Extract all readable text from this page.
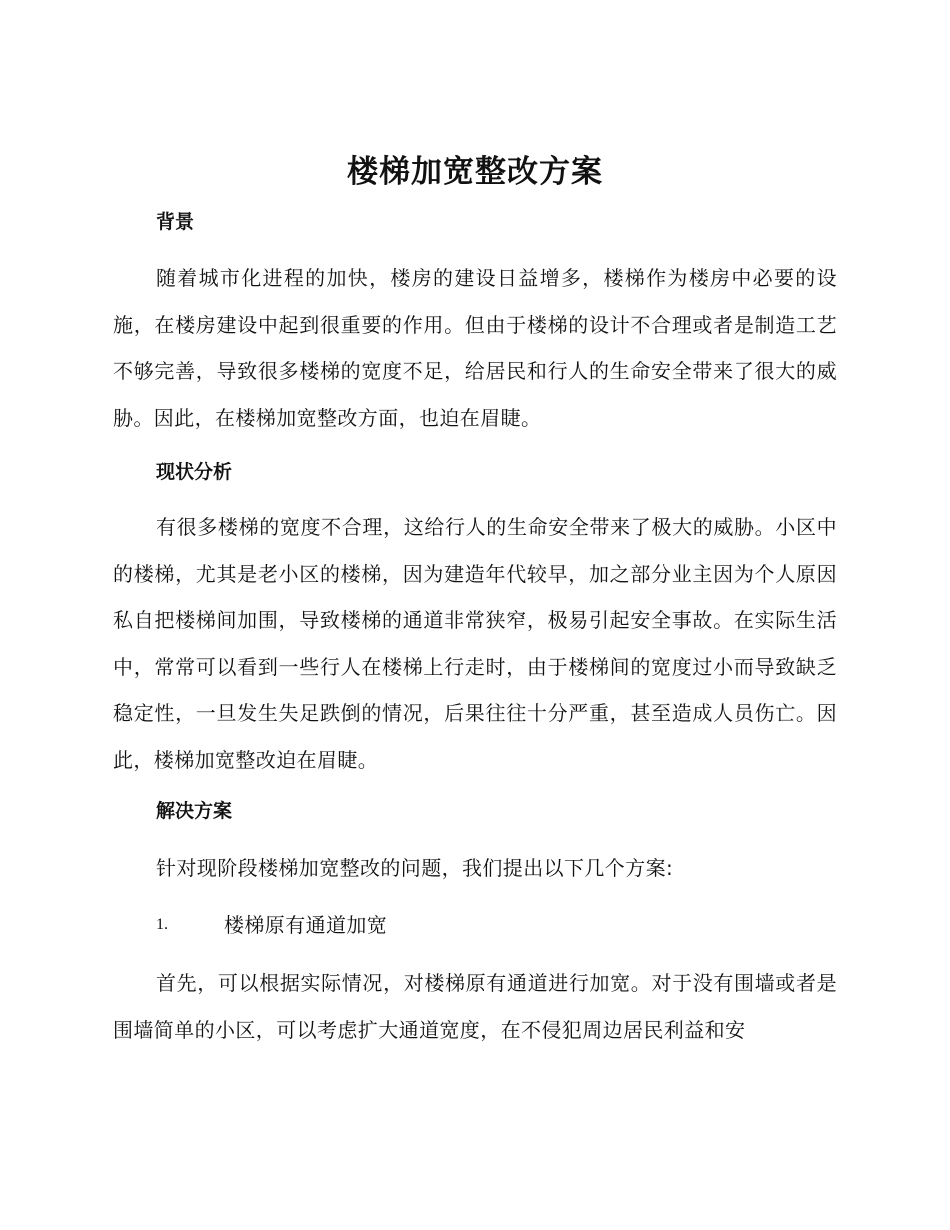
楼梯加宽整改方案
背景
随着城市化进程的加快，楼房的建设日益增多，楼梯作为楼房中必要的设施，在楼房建设中起到很重要的作用。但由于楼梯的设计不合理或者是制造工艺不够完善，导致很多楼梯的宽度不足，给居民和行人的生命安全带来了很大的威胁。因此，在楼梯加宽整改方面，也迫在眉睫。
现状分析
有很多楼梯的宽度不合理，这给行人的生命安全带来了极大的威胁。小区中的楼梯，尤其是老小区的楼梯，因为建造年代较早，加之部分业主因为个人原因私自把楼梯间加围，导致楼梯的通道非常狭窄，极易引起安全事故。在实际生活中，常常可以看到一些行人在楼梯上行走时，由于楼梯间的宽度过小而导致缺乏稳定性，一旦发生失足跌倒的情况，后果往往十分严重，甚至造成人员伤亡。因此，楼梯加宽整改迫在眉睫。
解决方案
针对现阶段楼梯加宽整改的问题，我们提出以下几个方案:
1.	楼梯原有通道加宽
首先，可以根据实际情况，对楼梯原有通道进行加宽。对于没有围墙或者是围墙简单的小区，可以考虑扩大通道宽度，在不侵犯周边居民利益和安
